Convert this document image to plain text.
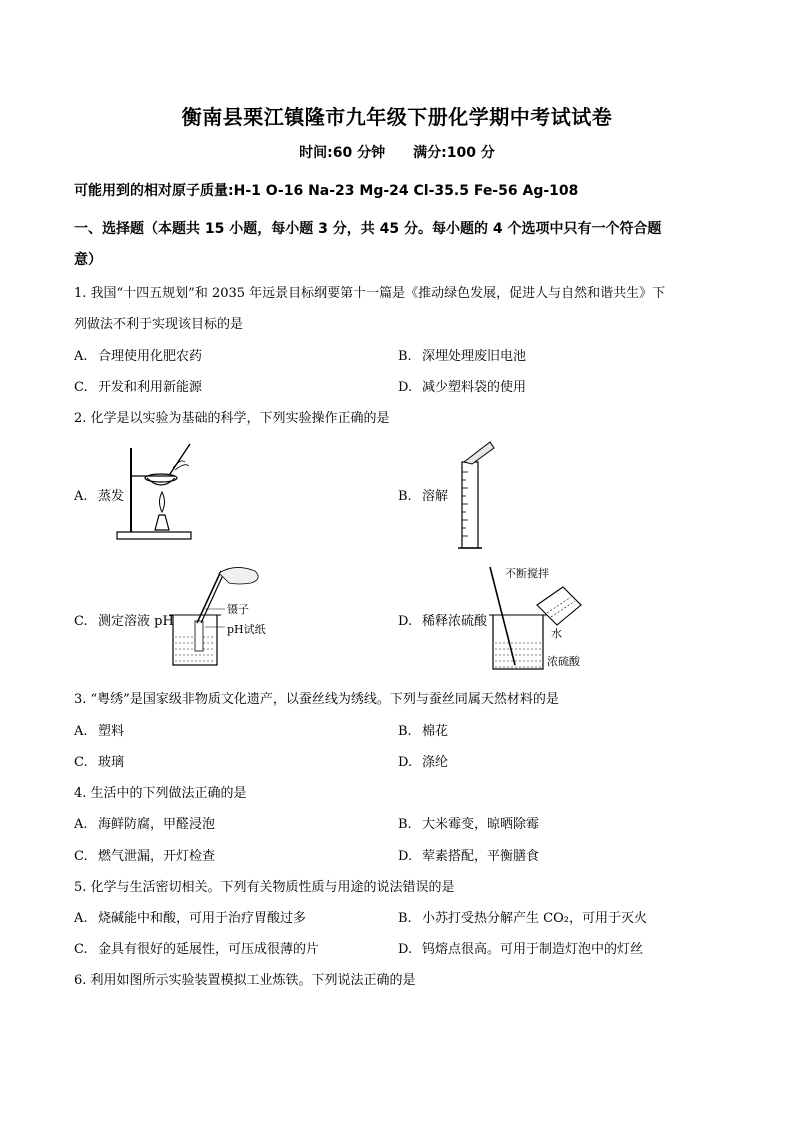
衡南县栗江镇隆市九年级下册化学期中考试试卷
时间:60 分钟 满分:100 分
可能用到的相对原子质量:H-1 O-16 Na-23 Mg-24 Cl-35.5 Fe-56 Ag-108
一、选择题（本题共 15 小题，每小题 3 分，共 45 分。每小题的 4 个选项中只有一个符合题
意）
1. 我国“十四五规划”和 2035 年远景目标纲要第十一篇是《推动绿色发展，促进人与自然和谐共生》下
列做法不利于实现该目标的是
A. 合理使用化肥农药	B. 深埋处理废旧电池
C. 开发和利用新能源	D. 减少塑料袋的使用
2. 化学是以实验为基础的科学，下列实验操作正确的是
A. 蒸发	B. 溶解
C. 测定溶液 pH	D. 稀释浓硫酸
镊子
pH试纸
不断搅拌
水
浓硫酸
3. “粤绣”是国家级非物质文化遗产，以蚕丝线为绣线。下列与蚕丝同属天然材料的是
A. 塑料	B. 棉花
C. 玻璃	D. 涤纶
4. 生活中的下列做法正确的是
A. 海鲜防腐，甲醛浸泡	B. 大米霉变，晾晒除霉
C. 燃气泄漏，开灯检查	D. 荤素搭配，平衡膳食
5. 化学与生活密切相关。下列有关物质性质与用途的说法错误的是
A. 烧碱能中和酸，可用于治疗胃酸过多	B. 小苏打受热分解产生 CO₂，可用于灭火
C. 金具有很好的延展性，可压成很薄的片	D. 钨熔点很高。可用于制造灯泡中的灯丝
6. 利用如图所示实验装置模拟工业炼铁。下列说法正确的是
